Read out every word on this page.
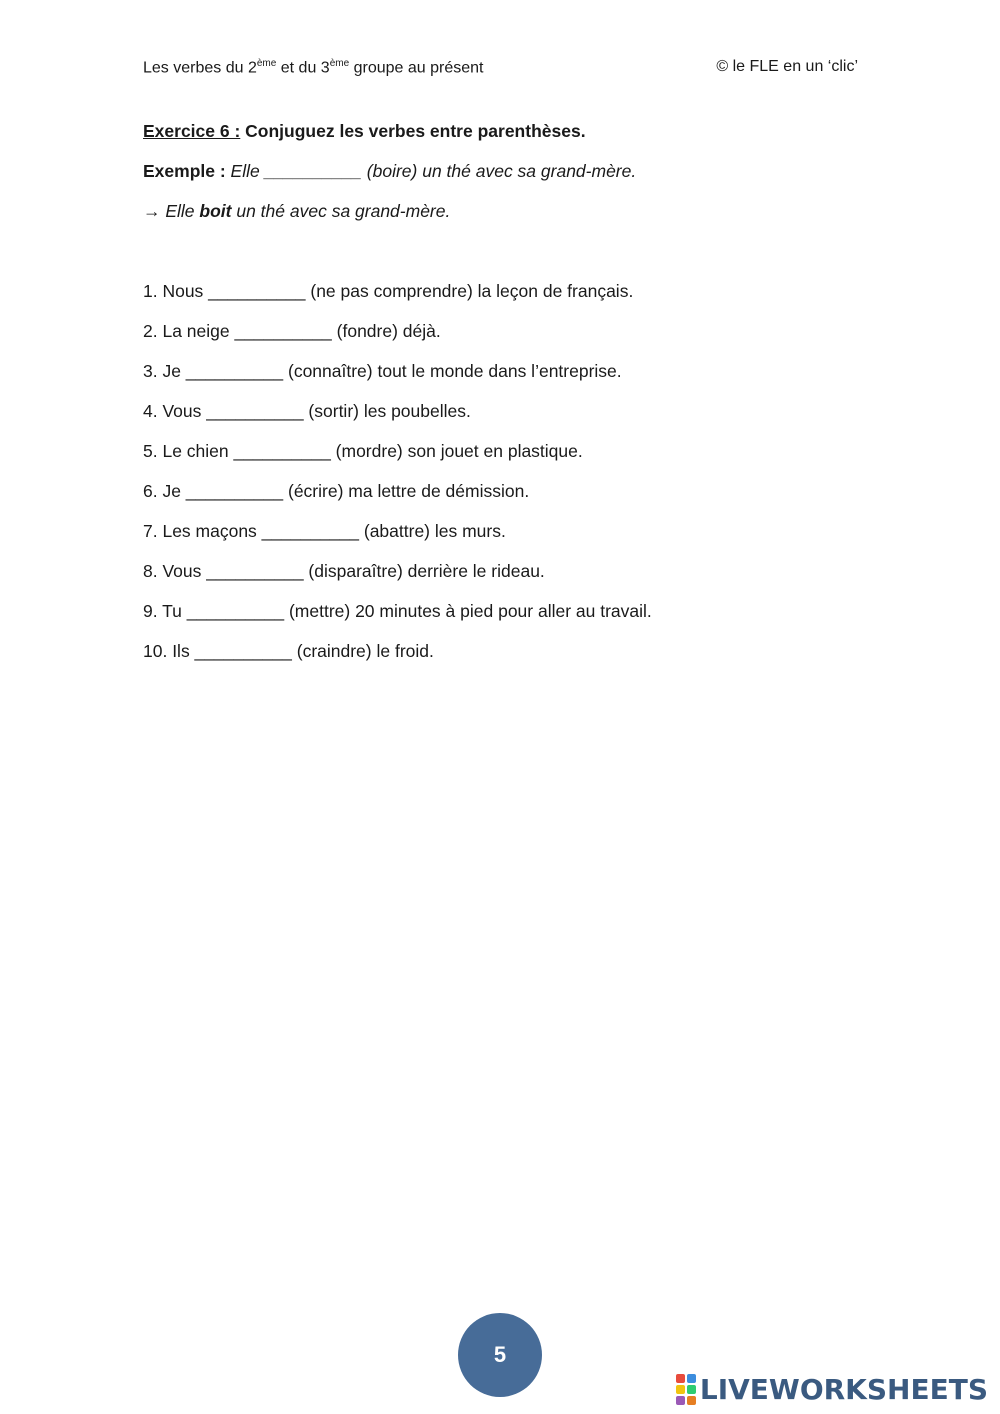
Les verbes du 2ème et du 3ème groupe au présent	© le FLE en un ‘clic’
Exercice 6 : Conjuguez les verbes entre parenthèses.
Exemple : Elle __________ (boire) un thé avec sa grand-mère.
→ Elle boit un thé avec sa grand-mère.
1. Nous __________ (ne pas comprendre) la leçon de français.
2. La neige __________ (fondre) déjà.
3. Je __________ (connaître) tout le monde dans l’entreprise.
4. Vous __________ (sortir) les poubelles.
5. Le chien __________ (mordre) son jouet en plastique.
6. Je __________ (écrire) ma lettre de démission.
7. Les maçons __________ (abattre) les murs.
8. Vous __________ (disparaître) derrière le rideau.
9. Tu __________ (mettre) 20 minutes à pied pour aller au travail.
10. Ils __________ (craindre) le froid.
5
LIVEWORKSHEETS
